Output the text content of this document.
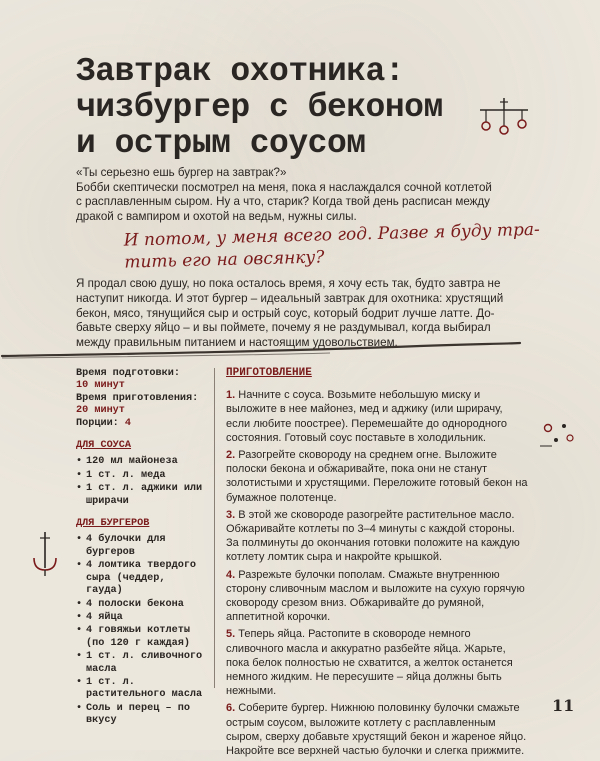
Завтрак охотника:
чизбургер с беконом
и острым соусом

«Ты серьезно ешь бургер на завтрак?»

Бобби скептически посмотрел на меня, пока я наслаждался сочной котлетой

с расплавленным сыром. Ну а что, старик? Когда твой день расписан между

дракой с вампиром и охотой на ведьм, нужны силы.

И потом, у меня всего год. Разве я буду тра-
тить его на овсянку?
Я продал свою душу, но пока осталось время, я хочу есть так, будто завтра не
наступит никогда. И этот бургер – идеальный завтрак для охотника: хрустящий
бекон, мясо, тянущийся сыр и острый соус, который бодрит лучше латте. До-
бавьте сверху яйцо – и вы поймете, почему я не раздумывал, когда выбирал
между правильным питанием и настоящим удовольствием.
Время подготовки:
10 минут
Время приготовления:
20 минут
Порции: 4
ДЛЯ СОУСА
• 120 мл майонеза
• 1 ст. л. меда
• 1 ст. л. аджики или шрирачи
ДЛЯ БУРГЕРОВ
• 4 булочки для бургеров
• 4 ломтика твердого сыра (чеддер, гауда)
• 4 полоски бекона
• 4 яйца
• 4 говяжьи котлеты (по 120 г каждая)
• 1 ст. л. сливочного масла
• 1 ст. л. растительного масла
• Соль и перец – по вкусу
ПРИГОТОВЛЕНИЕ
1. Начните с соуса. Возьмите небольшую миску и выложите в нее майонез, мед и аджику (или шрирачу, если любите поострее). Перемешайте до однородного состояния. Готовый соус поставьте в холодильник.
2. Разогрейте сковороду на среднем огне. Выложите полоски бекона и обжаривайте, пока они не станут золотистыми и хрустящими. Переложите готовый бекон на бумажное полотенце.
3. В этой же сковороде разогрейте растительное масло. Обжаривайте котлеты по 3–4 минуты с каждой стороны. За полминуты до окончания готовки положите на каждую котлету ломтик сыра и накройте крышкой.
4. Разрежьте булочки пополам. Смажьте внутреннюю сторону сливочным маслом и выложите на сухую горячую сковороду срезом вниз. Обжаривайте до румяной, аппетитной корочки.
5. Теперь яйца. Растопите в сковороде немного сливочного масла и аккуратно разбейте яйца. Жарьте, пока белок полностью не схватится, а желток останется немного жидким. Не пересушите – яйца должны быть нежными.
6. Соберите бургер. Нижнюю половинку булочки смажьте острым соусом, выложите котлету с расплавленным сыром, сверху добавьте хрустящий бекон и жареное яйцо. Накройте все верхней частью булочки и слегка прижмите.
11
